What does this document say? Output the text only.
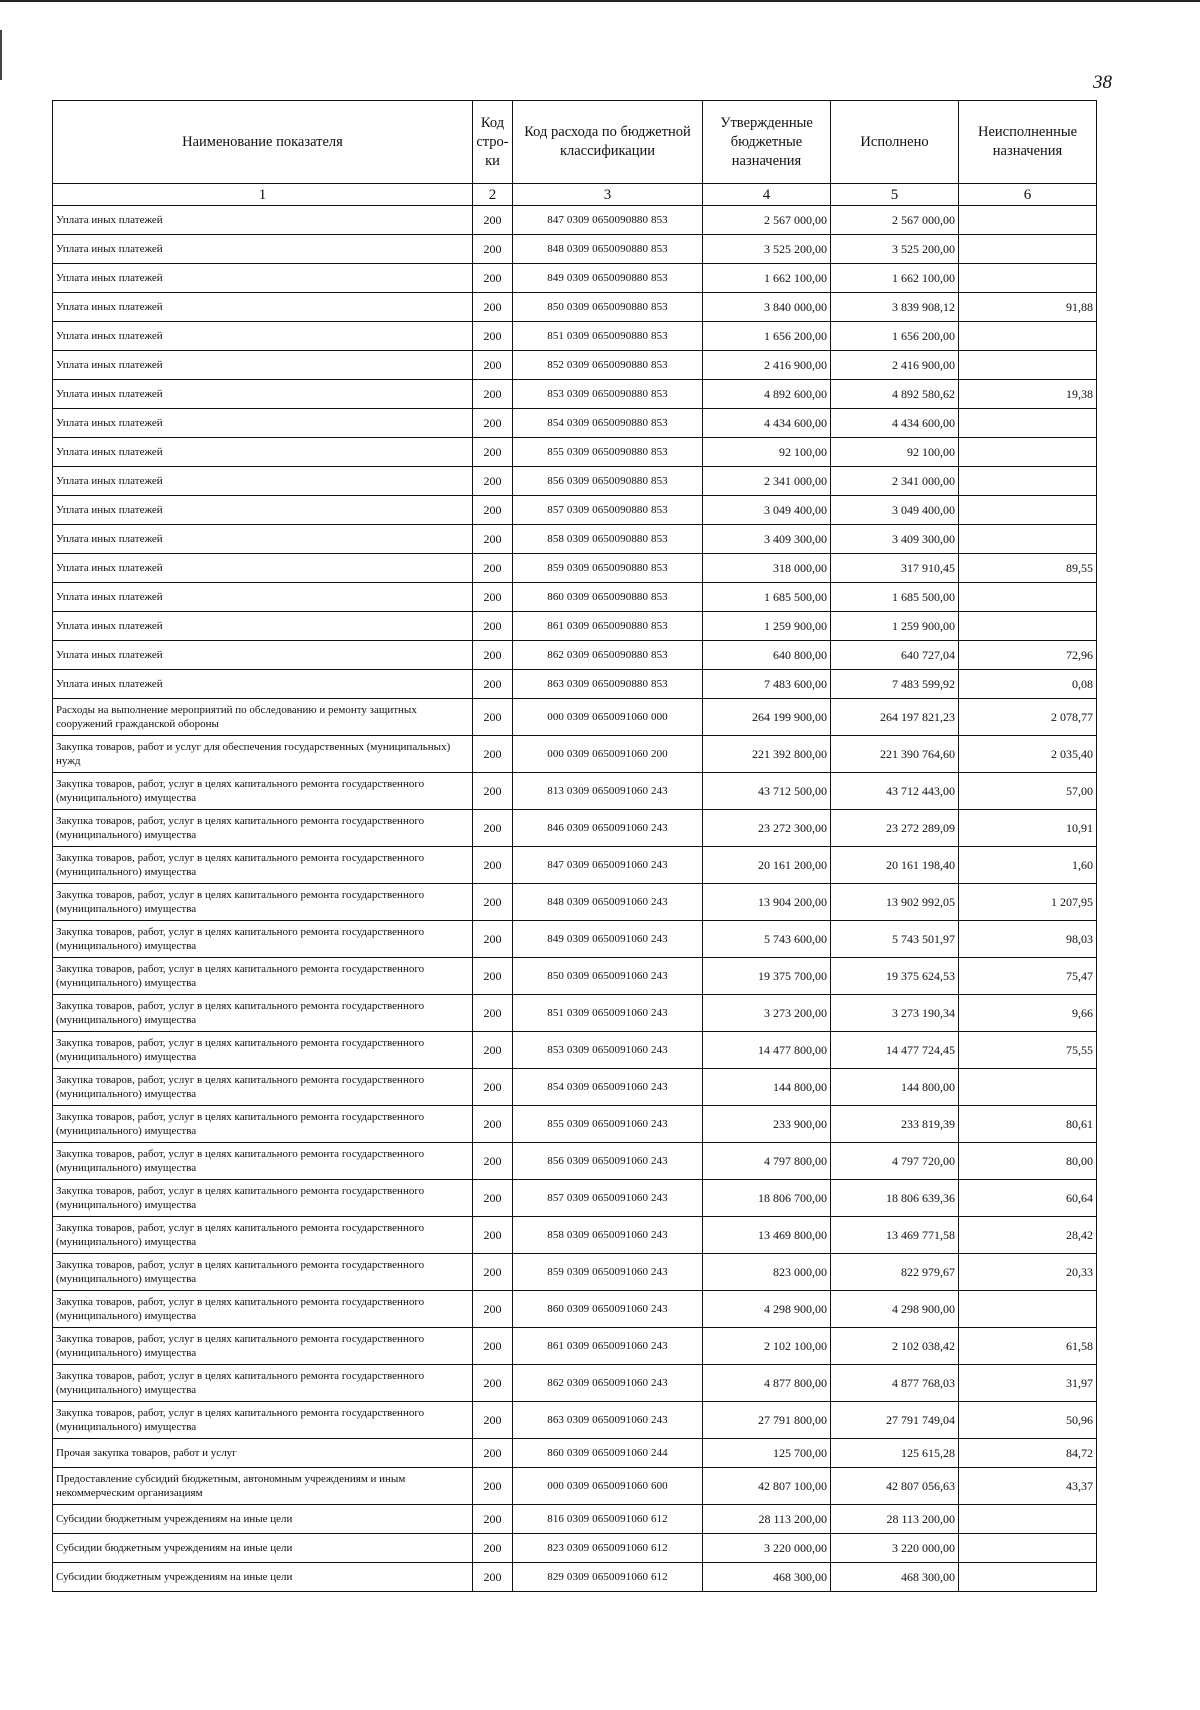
38
Наименование показателя	Код стро- ки	Код расхода по бюджетной классификации	Утвержденные бюджетные назначения	Исполнено	Неисполненные назначения
1	2	3	4	5	6
Уплата иных платежей	200	847 0309 0650090880 853	2 567 000,00	2 567 000,00	
Уплата иных платежей	200	848 0309 0650090880 853	3 525 200,00	3 525 200,00	
Уплата иных платежей	200	849 0309 0650090880 853	1 662 100,00	1 662 100,00	
Уплата иных платежей	200	850 0309 0650090880 853	3 840 000,00	3 839 908,12	91,88
Уплата иных платежей	200	851 0309 0650090880 853	1 656 200,00	1 656 200,00	
Уплата иных платежей	200	852 0309 0650090880 853	2 416 900,00	2 416 900,00	
Уплата иных платежей	200	853 0309 0650090880 853	4 892 600,00	4 892 580,62	19,38
Уплата иных платежей	200	854 0309 0650090880 853	4 434 600,00	4 434 600,00	
Уплата иных платежей	200	855 0309 0650090880 853	92 100,00	92 100,00	
Уплата иных платежей	200	856 0309 0650090880 853	2 341 000,00	2 341 000,00	
Уплата иных платежей	200	857 0309 0650090880 853	3 049 400,00	3 049 400,00	
Уплата иных платежей	200	858 0309 0650090880 853	3 409 300,00	3 409 300,00	
Уплата иных платежей	200	859 0309 0650090880 853	318 000,00	317 910,45	89,55
Уплата иных платежей	200	860 0309 0650090880 853	1 685 500,00	1 685 500,00	
Уплата иных платежей	200	861 0309 0650090880 853	1 259 900,00	1 259 900,00	
Уплата иных платежей	200	862 0309 0650090880 853	640 800,00	640 727,04	72,96
Уплата иных платежей	200	863 0309 0650090880 853	7 483 600,00	7 483 599,92	0,08
Расходы на выполнение мероприятий по обследованию и ремонту защитных сооружений гражданской обороны	200	000 0309 0650091060 000	264 199 900,00	264 197 821,23	2 078,77
Закупка товаров, работ и услуг для обеспечения государственных (муниципальных) нужд	200	000 0309 0650091060 200	221 392 800,00	221 390 764,60	2 035,40
Закупка товаров, работ, услуг в целях капитального ремонта государственного (муниципального) имущества	200	813 0309 0650091060 243	43 712 500,00	43 712 443,00	57,00
Закупка товаров, работ, услуг в целях капитального ремонта государственного (муниципального) имущества	200	846 0309 0650091060 243	23 272 300,00	23 272 289,09	10,91
Закупка товаров, работ, услуг в целях капитального ремонта государственного (муниципального) имущества	200	847 0309 0650091060 243	20 161 200,00	20 161 198,40	1,60
Закупка товаров, работ, услуг в целях капитального ремонта государственного (муниципального) имущества	200	848 0309 0650091060 243	13 904 200,00	13 902 992,05	1 207,95
Закупка товаров, работ, услуг в целях капитального ремонта государственного (муниципального) имущества	200	849 0309 0650091060 243	5 743 600,00	5 743 501,97	98,03
Закупка товаров, работ, услуг в целях капитального ремонта государственного (муниципального) имущества	200	850 0309 0650091060 243	19 375 700,00	19 375 624,53	75,47
Закупка товаров, работ, услуг в целях капитального ремонта государственного (муниципального) имущества	200	851 0309 0650091060 243	3 273 200,00	3 273 190,34	9,66
Закупка товаров, работ, услуг в целях капитального ремонта государственного (муниципального) имущества	200	853 0309 0650091060 243	14 477 800,00	14 477 724,45	75,55
Закупка товаров, работ, услуг в целях капитального ремонта государственного (муниципального) имущества	200	854 0309 0650091060 243	144 800,00	144 800,00	
Закупка товаров, работ, услуг в целях капитального ремонта государственного (муниципального) имущества	200	855 0309 0650091060 243	233 900,00	233 819,39	80,61
Закупка товаров, работ, услуг в целях капитального ремонта государственного (муниципального) имущества	200	856 0309 0650091060 243	4 797 800,00	4 797 720,00	80,00
Закупка товаров, работ, услуг в целях капитального ремонта государственного (муниципального) имущества	200	857 0309 0650091060 243	18 806 700,00	18 806 639,36	60,64
Закупка товаров, работ, услуг в целях капитального ремонта государственного (муниципального) имущества	200	858 0309 0650091060 243	13 469 800,00	13 469 771,58	28,42
Закупка товаров, работ, услуг в целях капитального ремонта государственного (муниципального) имущества	200	859 0309 0650091060 243	823 000,00	822 979,67	20,33
Закупка товаров, работ, услуг в целях капитального ремонта государственного (муниципального) имущества	200	860 0309 0650091060 243	4 298 900,00	4 298 900,00	
Закупка товаров, работ, услуг в целях капитального ремонта государственного (муниципального) имущества	200	861 0309 0650091060 243	2 102 100,00	2 102 038,42	61,58
Закупка товаров, работ, услуг в целях капитального ремонта государственного (муниципального) имущества	200	862 0309 0650091060 243	4 877 800,00	4 877 768,03	31,97
Закупка товаров, работ, услуг в целях капитального ремонта государственного (муниципального) имущества	200	863 0309 0650091060 243	27 791 800,00	27 791 749,04	50,96
Прочая закупка товаров, работ и услуг	200	860 0309 0650091060 244	125 700,00	125 615,28	84,72
Предоставление субсидий бюджетным, автономным учреждениям и иным некоммерческим организациям	200	000 0309 0650091060 600	42 807 100,00	42 807 056,63	43,37
Субсидии бюджетным учреждениям на иные цели	200	816 0309 0650091060 612	28 113 200,00	28 113 200,00	
Субсидии бюджетным учреждениям на иные цели	200	823 0309 0650091060 612	3 220 000,00	3 220 000,00	
Субсидии бюджетным учреждениям на иные цели	200	829 0309 0650091060 612	468 300,00	468 300,00	
